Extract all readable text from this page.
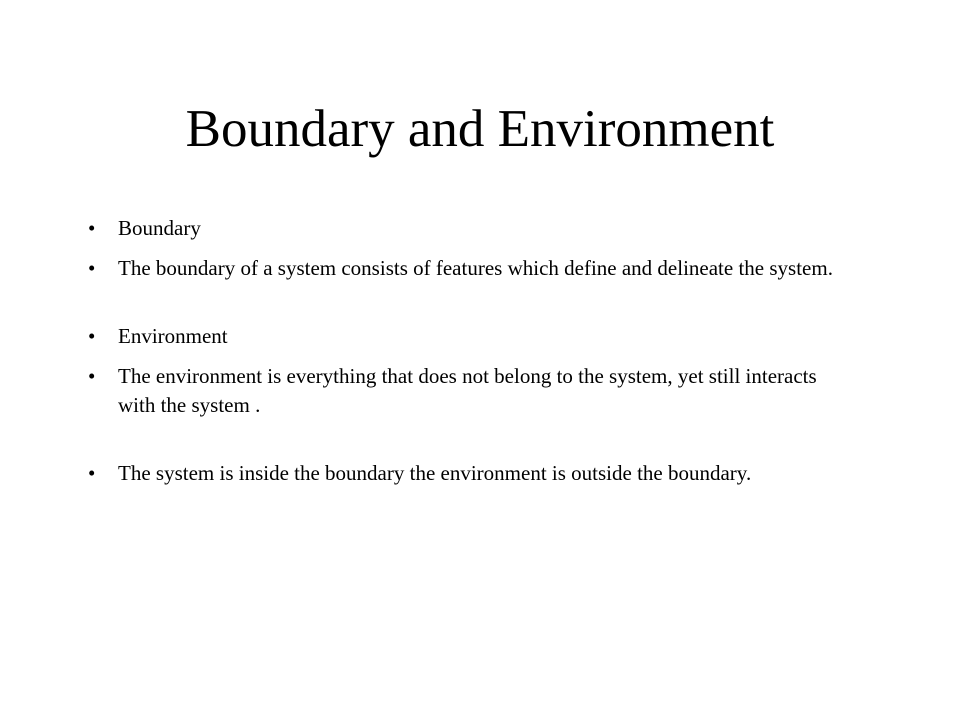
Boundary and Environment
•	Boundary
•	The boundary of a system consists of features which define and delineate the system.
•	Environment
•	The environment is everything that does not belong to the system, yet still interacts with the system .
•	The system is inside the boundary the environment is outside the boundary.
